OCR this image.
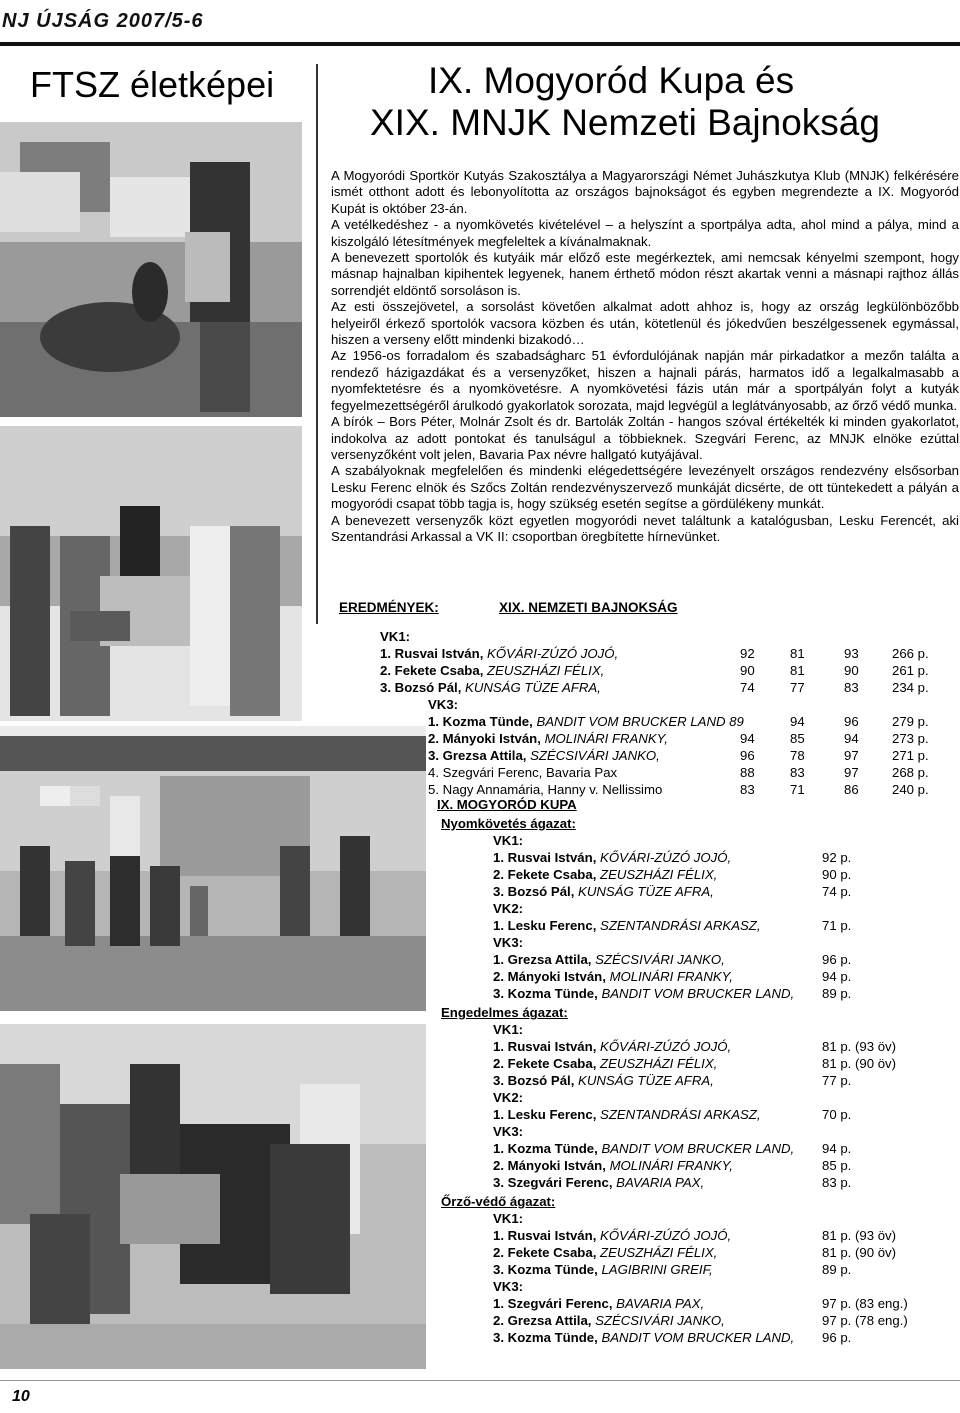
NJ ÚJSÁG 2007/5-6
FTSZ életképei	IX. Mogyoród Kupa és
XIX. MNJK Nemzeti Bajnokság

A Mogyoródi Sportkör Kutyás Szakosztálya a Magyarországi Német Juhászkutya Klub (MNJK) felkérésére ismét otthont adott és lebonyolította az országos bajnokságot és egyben megrendezte a IX. Mogyoród Kupát is október 23-án.

A vetélkedéshez - a nyomkövetés kivételével – a helyszínt a sportpálya adta, ahol mind a pálya, mind a kiszolgáló létesítmények megfeleltek a kívánalmaknak.

A benevezett sportolók és kutyáik már előző este megérkeztek, ami nemcsak kényelmi szempont, hogy másnap hajnalban kipihentek legyenek, hanem érthető módon részt akartak venni a másnapi rajthoz állás sorrendjét eldöntő sorsoláson is.

Az esti összejövetel, a sorsolást követően alkalmat adott ahhoz is, hogy az ország legkülönbözőbb helyeiről érkező sportolók vacsora közben és után, kötetlenül és jókedvűen beszélgessenek egymással, hiszen a verseny előtt mindenki bizakodó…

Az 1956-os forradalom és szabadságharc 51 évfordulójának napján már pirkadatkor a mezőn találta a rendező házigazdákat és a versenyzőket, hiszen a hajnali párás, harmatos idő a legalkalmasabb a nyomfektetésre és a nyomkövetésre. A nyomkövetési fázis után már a sportpályán folyt a kutyák fegyelmezettségéről árulkodó gyakorlatok sorozata, majd legvégül a leglátványosabb, az őrző védő munka.

A bírók – Bors Péter, Molnár Zsolt és dr. Bartolák Zoltán - hangos szóval értékelték ki minden gyakorlatot, indokolva az adott pontokat és tanulságul a többieknek. Szegvári Ferenc, az MNJK elnöke ezúttal versenyzőként volt jelen, Bavaria Pax névre hallgató kutyájával.

A szabályoknak megfelelően és mindenki elégedettségére levezényelt országos rendezvény elsősorban Lesku Ferenc elnök és Szőcs Zoltán rendezvényszervező munkáját dicsérte, de ott tüntekedett a pályán a mogyoródi csapat több tagja is, hogy szükség esetén segítse a gördülékeny munkát.

A benevezett versenyzők közt egyetlen mogyoródi nevet találtunk a katalógusban, Lesku Ferencét, aki Szentandrási Arkassal a VK II: csoportban öregbítette hírnevünket.

EREDMÉNYEK:	XIX. NEMZETI BAJNOKSÁG
VK1:
1. Rusvai István, KŐVÁRI-ZÚZÓ JOJÓ,	92	81	93	266 p.
2. Fekete Csaba, ZEUSZHÁZI FÉLIX,	90	81	90	261 p.
3. Bozsó Pál, KUNSÁG TÜZE AFRA,	74	77	83	234 p.
VK3:
1. Kozma Tünde, BANDIT VOM BRUCKER LAND 89	94	96	279 p.
2. Mányoki István, MOLINÁRI FRANKY,	94	85	94	273 p.
3. Grezsa Attila, SZÉCSIVÁRI JANKO,	96	78	97	271 p.
4. Szegvári Ferenc, Bavaria Pax	88	83	97	268 p.
5. Nagy Annamária, Hanny v. Nellissimo	83	71	86	240 p.
IX. MOGYORÓD KUPA
Nyomkövetés ágazat:
VK1:
1. Rusvai István, KŐVÁRI-ZÚZÓ JOJÓ,	92 p.
2. Fekete Csaba, ZEUSZHÁZI FÉLIX,	90 p.
3. Bozsó Pál, KUNSÁG TÜZE AFRA,	74 p.
VK2:
1. Lesku Ferenc, SZENTANDRÁSI ARKASZ,	71 p.
VK3:
1. Grezsa Attila, SZÉCSIVÁRI JANKO,	96 p.
2. Mányoki István, MOLINÁRI FRANKY,	94 p.
3. Kozma Tünde, BANDIT VOM BRUCKER LAND, 89 p.
Engedelmes ágazat:
VK1:
1. Rusvai István, KŐVÁRI-ZÚZÓ JOJÓ,	81 p. (93 öv)
2. Fekete Csaba, ZEUSZHÁZI FÉLIX,	81 p. (90 öv)
3. Bozsó Pál, KUNSÁG TÜZE AFRA,	77 p.
VK2:
1. Lesku Ferenc, SZENTANDRÁSI ARKASZ,	70 p.
VK3:
1. Kozma Tünde, BANDIT VOM BRUCKER LAND, 94 p.
2. Mányoki István, MOLINÁRI FRANKY,	85 p.
3. Szegvári Ferenc, BAVARIA PAX,	83 p.
Őrző-védő ágazat:
VK1:
1. Rusvai István, KŐVÁRI-ZÚZÓ JOJÓ,	81 p. (93 öv)
2. Fekete Csaba, ZEUSZHÁZI FÉLIX,	81 p. (90 öv)
3. Kozma Tünde, LAGIBRINI GREIF,	89 p.
VK3:
1. Szegvári Ferenc, BAVARIA PAX,	97 p. (83 eng.)
2. Grezsa Attila, SZÉCSIVÁRI JANKO,	97 p. (78 eng.)
3. Kozma Tünde, BANDIT VOM BRUCKER LAND, 96 p.
10
